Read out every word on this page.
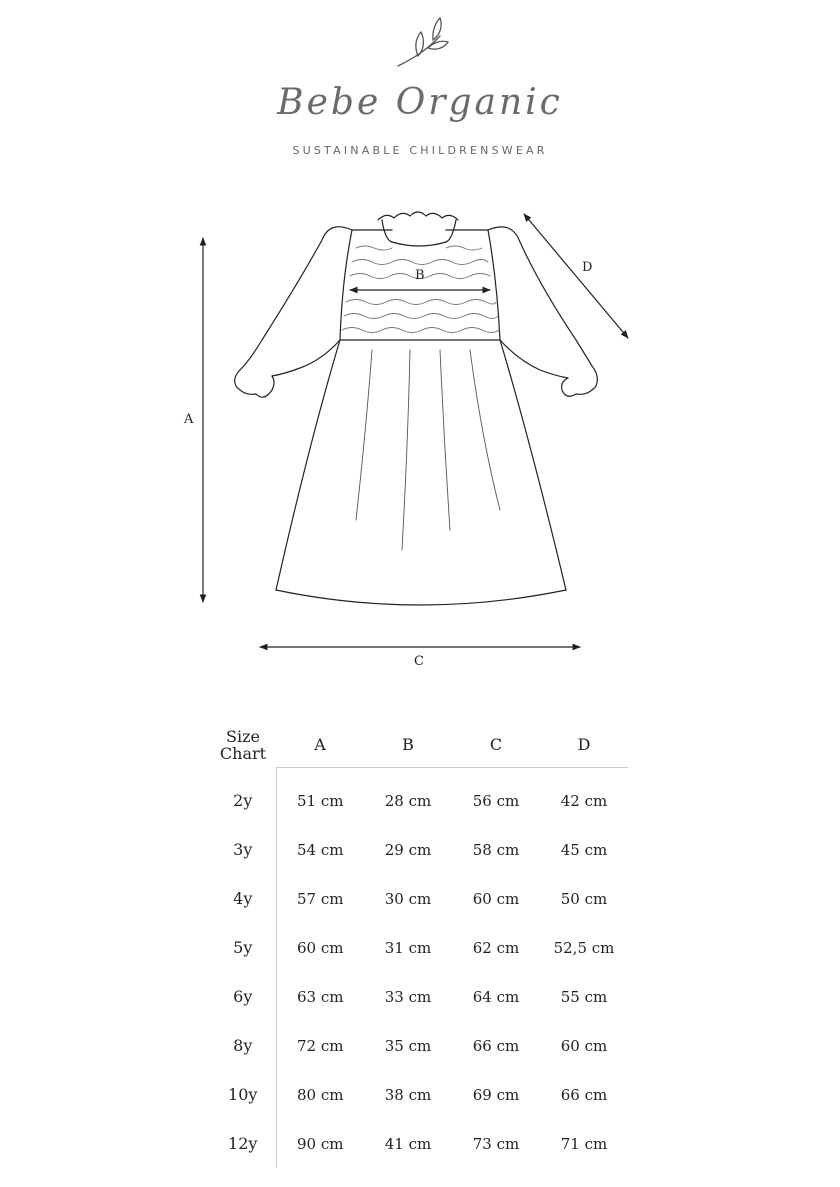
Bebe Organic
SUSTAINABLE CHILDRENSWEAR
A
B
C
D
Size Chart	A	B	C	D
2y	51 cm	28 cm	56 cm	42 cm
3y	54 cm	29 cm	58 cm	45 cm
4y	57 cm	30 cm	60 cm	50 cm
5y	60 cm	31 cm	62 cm	52,5 cm
6y	63 cm	33 cm	64 cm	55 cm
8y	72 cm	35 cm	66 cm	60 cm
10y	80 cm	38 cm	69 cm	66 cm
12y	90 cm	41 cm	73 cm	71 cm
